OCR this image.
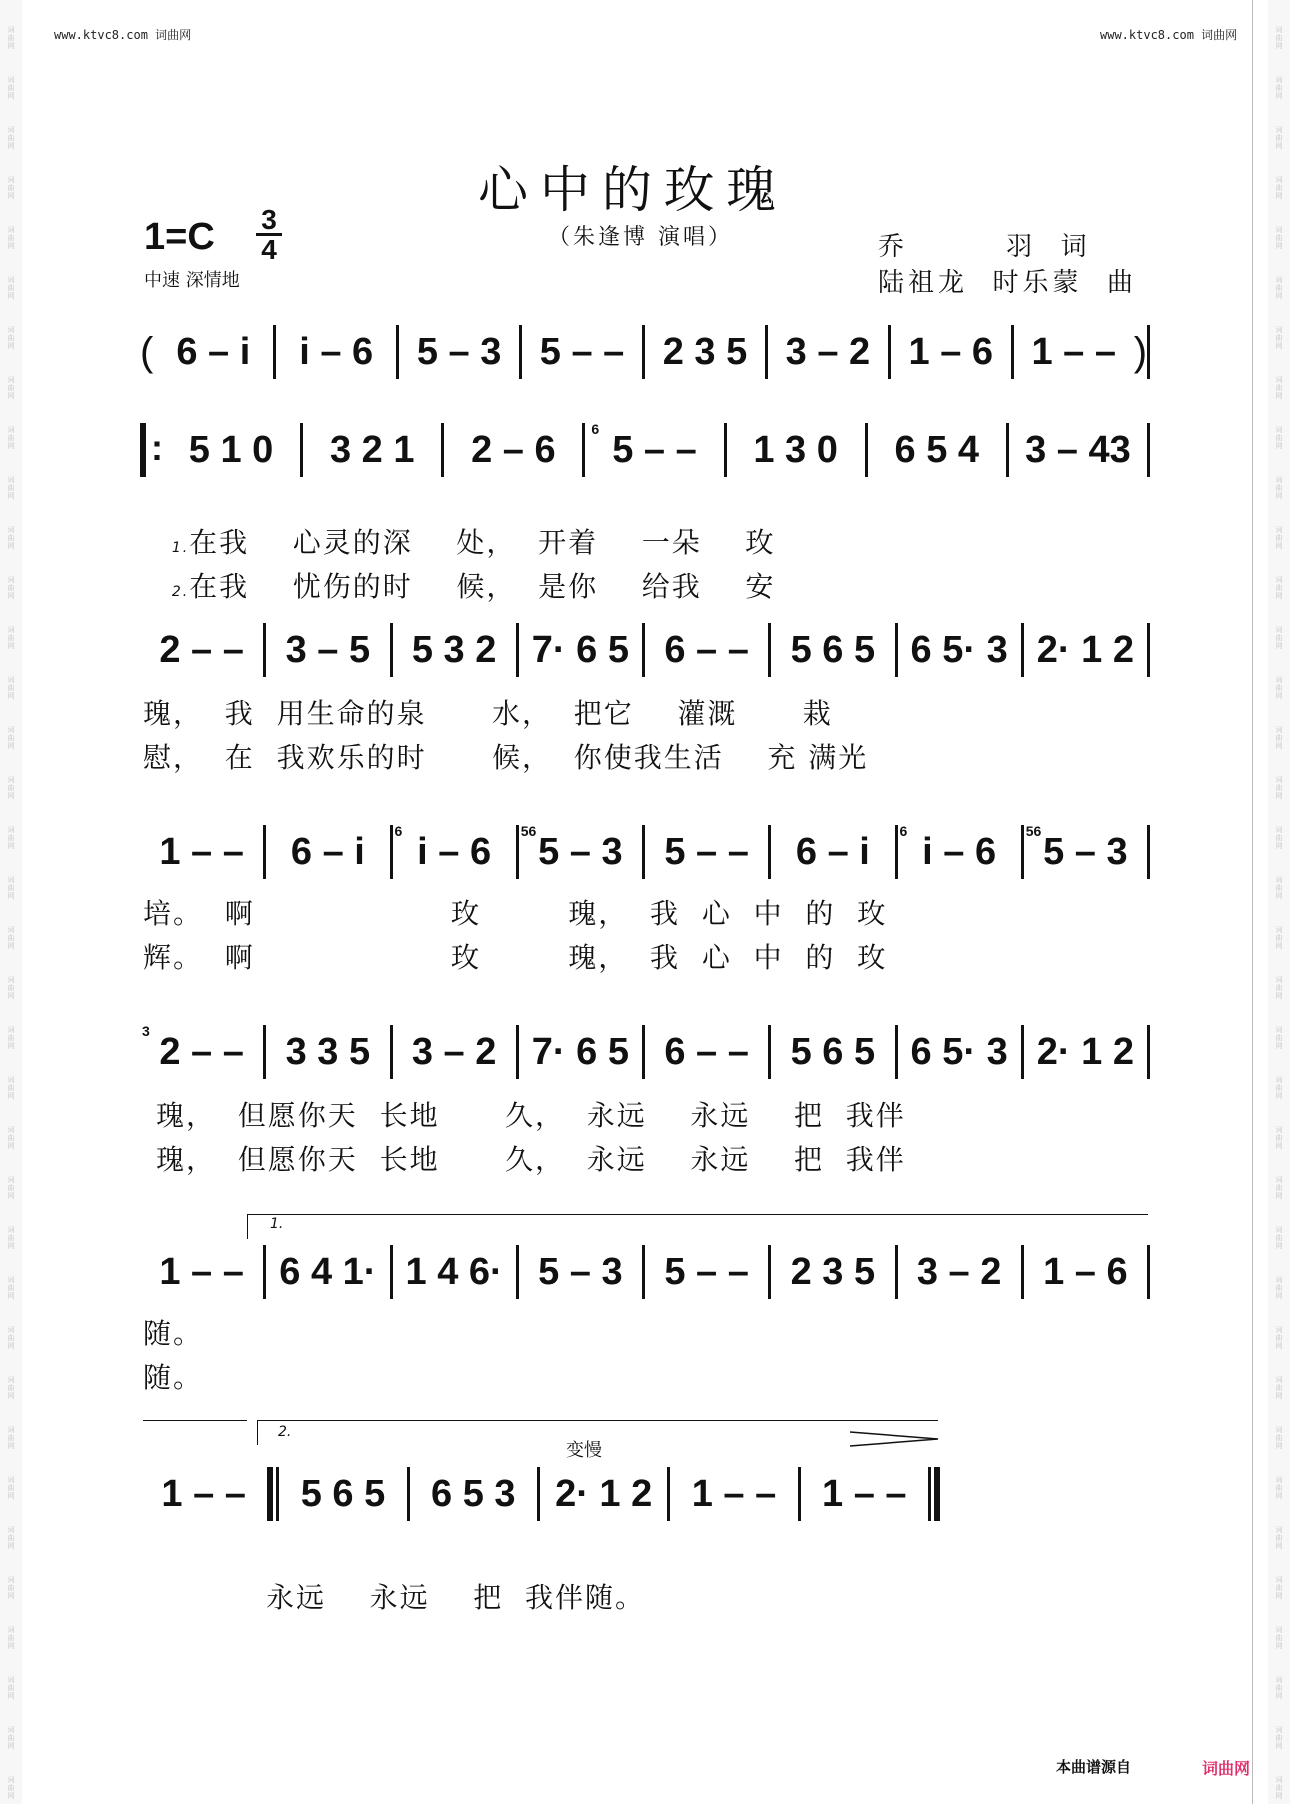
词
曲
网
词
曲
网
词
曲
网
词
曲
网
词
曲
网
词
曲
网
词
曲
网
词
曲
网
词
曲
网
词
曲
网
词
曲
网
词
曲
网
词
曲
网
词
曲
网
词
曲
网
词
曲
网
词
曲
网
词
曲
网
词
曲
网
词
曲
网
词
曲
网
词
曲
网
词
曲
网
词
曲
网
词
曲
网
词
曲
网
词
曲
网
词
曲
网
词
曲
网
词
曲
网
词
曲
网
词
曲
网
词
曲
网
词
曲
网
词
曲
网
词
曲
网
词
曲
网
词
曲
网
词
曲
网
词
曲
网
词
曲
网
词
曲
网
词
曲
网
词
曲
网
词
曲
网
词
曲
网
词
曲
网
词
曲
网
词
曲
网
词
曲
网
词
曲
网
词
曲
网
词
曲
网
词
曲
网
词
曲
网
词
曲
网
词
曲
网
词
曲
网
词
曲
网
词
曲
网
词
曲
网
词
曲
网
词
曲
网
词
曲
网
词
曲
网
词
曲
网
词
曲
网
词
曲
网
词
曲
网
词
曲
网
词
曲
网
词
曲
网
www.ktvc8.com 词曲网	www.ktvc8.com 词曲网
心中的玫瑰
（朱逢博 演唱）	乔        羽  词
陆祖龙  时乐蒙  曲
$1=C \frac{3}{4}$
中速 深情地
( 6 – i	i – 6	5 – 3	5 – –	2 3 5	3 – 2	1 – 6	1 – – )
:
5 1 0	3 2 1	2 – 6	6 5 – –	1 3 0	6 5 4	3 – 43

1.在我    心灵的深    处，  开着    一朵    玫

2.在我    忧伤的时    候，  是你    给我    安

2 – –	3 – 5	5 3 2 7· 6 5 6 – –	5 6 5 6 5· 3 2· 1 2
瑰，  我  用生命的泉      水，  把它    灌溉      栽
慰，  在  我欢乐的时      候，  你使我生活    充 满光
1 – –	6 – i	6 i – 6 56 5 – 3	5 – –	6 – i	6 i – 6 56 5 – 3
培。  啊                  玫        瑰，  我  心  中  的  玫
辉。  啊                  玫        瑰，  我  心  中  的  玫
3 2 – –	3 3 5	3 – 2 7· 6 5 6 – –	5 6 5 6 5· 3 2· 1 2
瑰，  但愿你天  长地      久，  永远    永远    把  我伴
瑰，  但愿你天  长地      久，  永远    永远    把  我伴
1.
1 – – 6 4 1· 1 4 6· 5 – 3	5 – –	2 3 5	3 – 2	1 – 6
随。
随。
2.
变慢
1 – –	5 6 5	6 5 3	2· 1 2	1 – –	1 – –
永远    永远    把  我伴随。
本曲谱源自	词曲网
